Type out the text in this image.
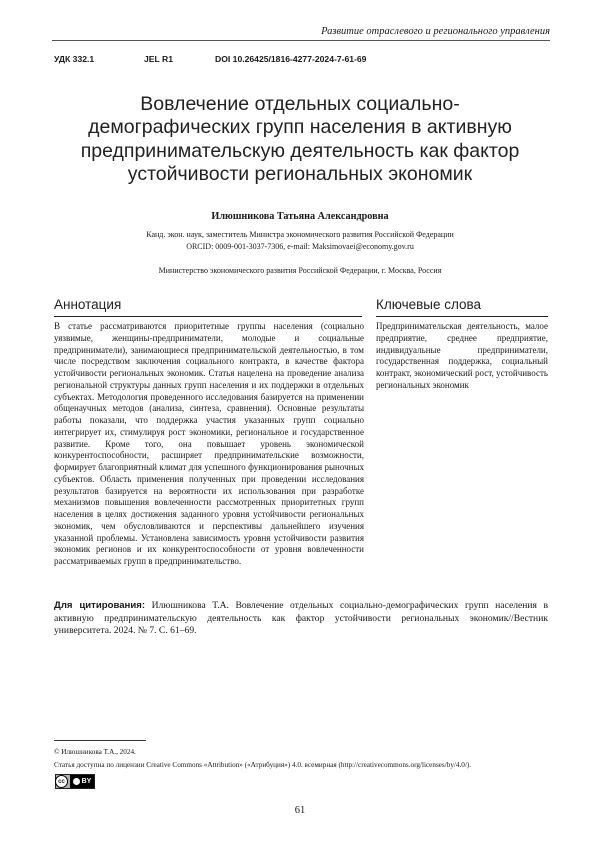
Развитие отраслевого и регионального управления
УДК 332.1	JEL R1	DOI 10.26425/1816-4277-2024-7-61-69
Вовлечение отдельных социально-демографических групп населения в активную предпринимательскую деятельность как фактор устойчивости региональных экономик
Илюшникова Татьяна Александровна
Канд. экон. наук, заместитель Министра экономического развития Российской Федерации
ORCID: 0009-001-3037-7306, e-mail: Maksimovaei@economy.gov.ru
Министерство экономического развития Российской Федерации, г. Москва, Россия
Аннотация

В статье рассматриваются приоритетные группы населения (социально уязвимые, женщины-предприниматели, молодые и социальные предприниматели), занимающиеся предпринимательской деятельностью, в том числе посредством заключения социального контракта, в качестве фактора устойчивости региональных экономик. Статья нацелена на проведение анализа региональной структуры данных групп населения и их поддержки в отдельных субъектах. Методология проведенного исследования базируется на применении общенаучных методов (анализа, синтеза, сравнения). Основные результаты работы показали, что поддержка участия указанных групп социально интегрирует их, стимулируя рост экономики, региональное и государственное развитие. Кроме того, она повышает уровень экономической конкурентоспособности, расширяет предпринимательские возможности, формирует благоприятный климат для успешного функционирования рыночных субъектов. Область применения полученных при проведении исследования результатов базируется на вероятности их использования при разработке механизмов повышения вовлеченности рассмотренных приоритетных групп населения в целях достижения заданного уровня устойчивости региональных экономик, чем обусловливаются и перспективы дальнейшего изучения указанной проблемы. Установлена зависимость уровня устойчивости развития экономик регионов и их конкурентоспособности от уровня вовлеченности рассматриваемых групп в предпринимательство.

Ключевые слова

Предпринимательская деятельность, малое предприятие, среднее предприятие, индивидуальные предприниматели, государственная поддержка, социальный контракт, экономический рост, устойчивость региональных экономик

Для цитирования: Илюшникова Т.А. Вовлечение отдельных социально-демографических групп населения в активную предпринимательскую деятельность как фактор устойчивости региональных экономик//Вестник университета. 2024. № 7. С. 61–69.

© Илюшникова Т.А., 2024.
Статья доступна по лицензии Creative Commons «Attribution» («Атрибуция») 4.0. всемирная (http://creativecommons.org/licenses/by/4.0/).
cc	BY
61
